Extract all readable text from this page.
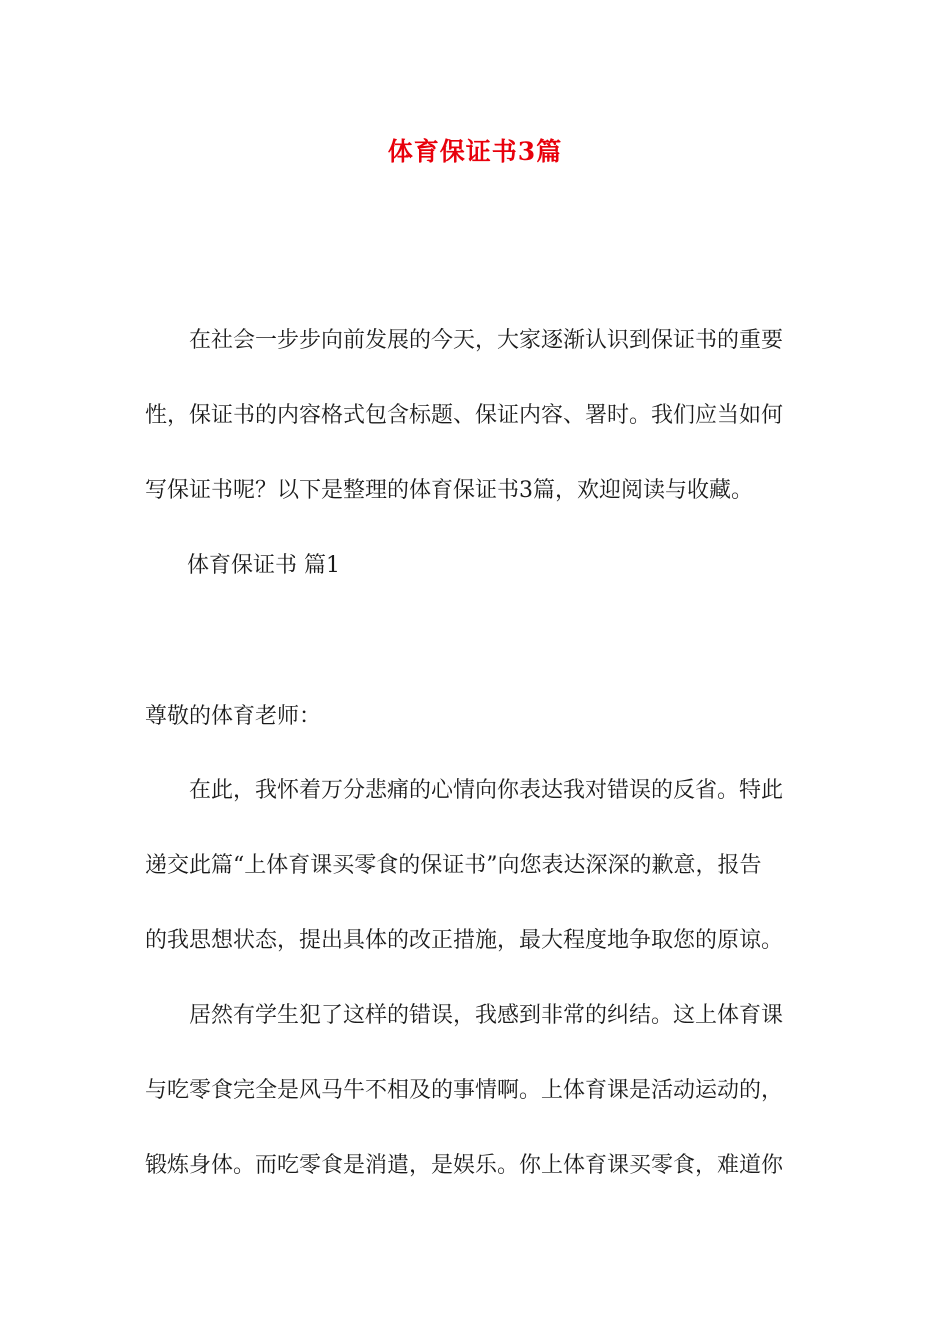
体育保证书3篇

在社会一步步向前发展的今天，大家逐渐认识到保证书的重要

性，保证书的内容格式包含标题、保证内容、署时。我们应当如何

写保证书呢？以下是整理的体育保证书3篇，欢迎阅读与收藏。

体育保证书 篇1

尊敬的体育老师：

在此，我怀着万分悲痛的心情向你表达我对错误的反省。特此

递交此篇“上体育课买零食的保证书”向您表达深深的歉意，报告

的我思想状态，提出具体的改正措施，最大程度地争取您的原谅。

居然有学生犯了这样的错误，我感到非常的纠结。这上体育课

与吃零食完全是风马牛不相及的事情啊。上体育课是活动运动的，

锻炼身体。而吃零食是消遣，是娱乐。你上体育课买零食，难道你
